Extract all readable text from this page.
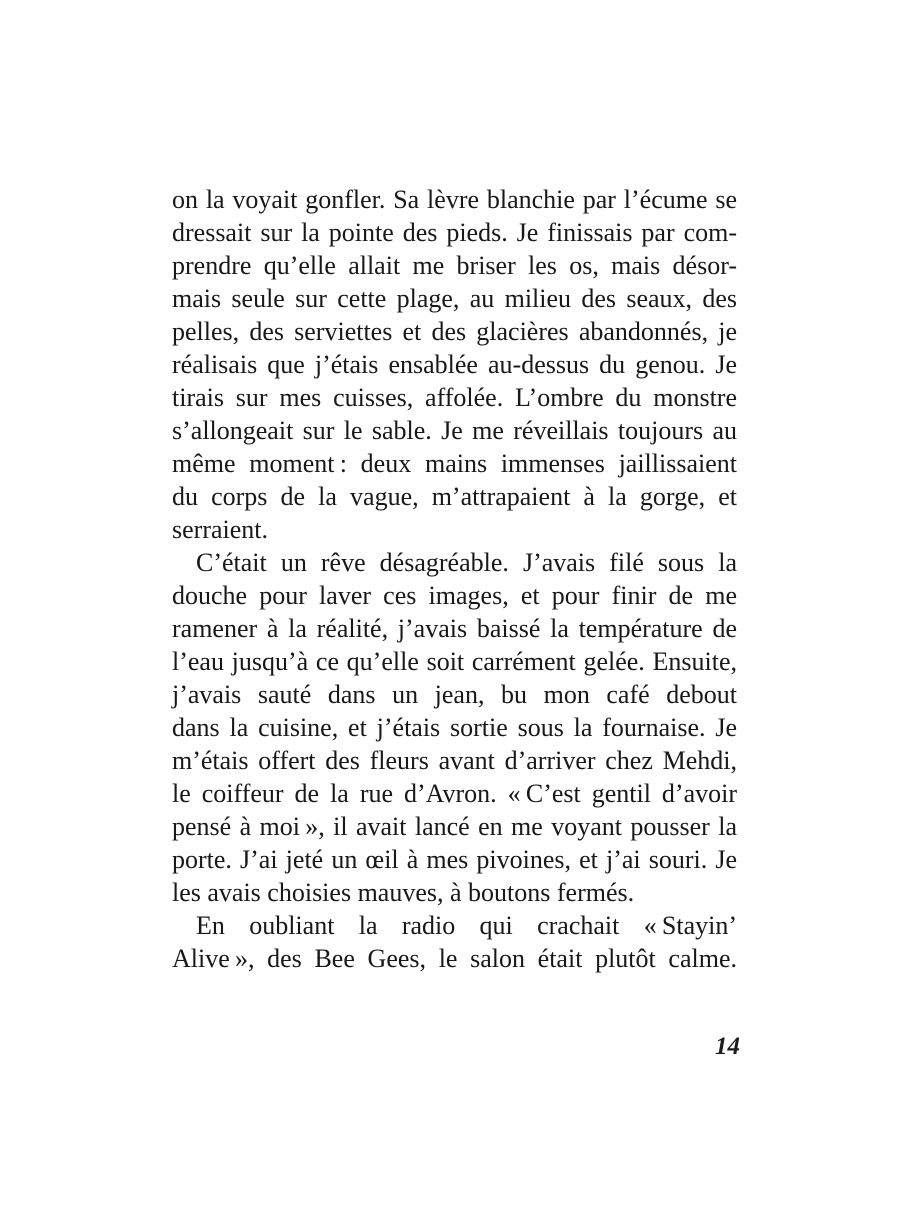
on la voyait gonfler. Sa lèvre blanchie par l’écume se
dressait sur la pointe des pieds. Je finissais par com-
prendre qu’elle allait me briser les os, mais désor-
mais seule sur cette plage, au milieu des seaux, des
pelles, des serviettes et des glacières abandonnés, je
réalisais que j’étais ensablée au-dessus du genou. Je
tirais sur mes cuisses, affolée. L’ombre du monstre
s’allongeait sur le sable. Je me réveillais toujours au
même moment : deux mains immenses jaillissaient
du corps de la vague, m’attrapaient à la gorge, et
serraient.
C’était un rêve désagréable. J’avais filé sous la
douche pour laver ces images, et pour finir de me
ramener à la réalité, j’avais baissé la température de
l’eau jusqu’à ce qu’elle soit carrément gelée. Ensuite,
j’avais sauté dans un jean, bu mon café debout
dans la cuisine, et j’étais sortie sous la fournaise. Je
m’étais offert des fleurs avant d’arriver chez Mehdi,
le coiffeur de la rue d’Avron. « C’est gentil d’avoir
pensé à moi », il avait lancé en me voyant pousser la
porte. J’ai jeté un œil à mes pivoines, et j’ai souri. Je
les avais choisies mauves, à boutons fermés.
En oubliant la radio qui crachait « Stayin’
Alive », des Bee Gees, le salon était plutôt calme.
14
